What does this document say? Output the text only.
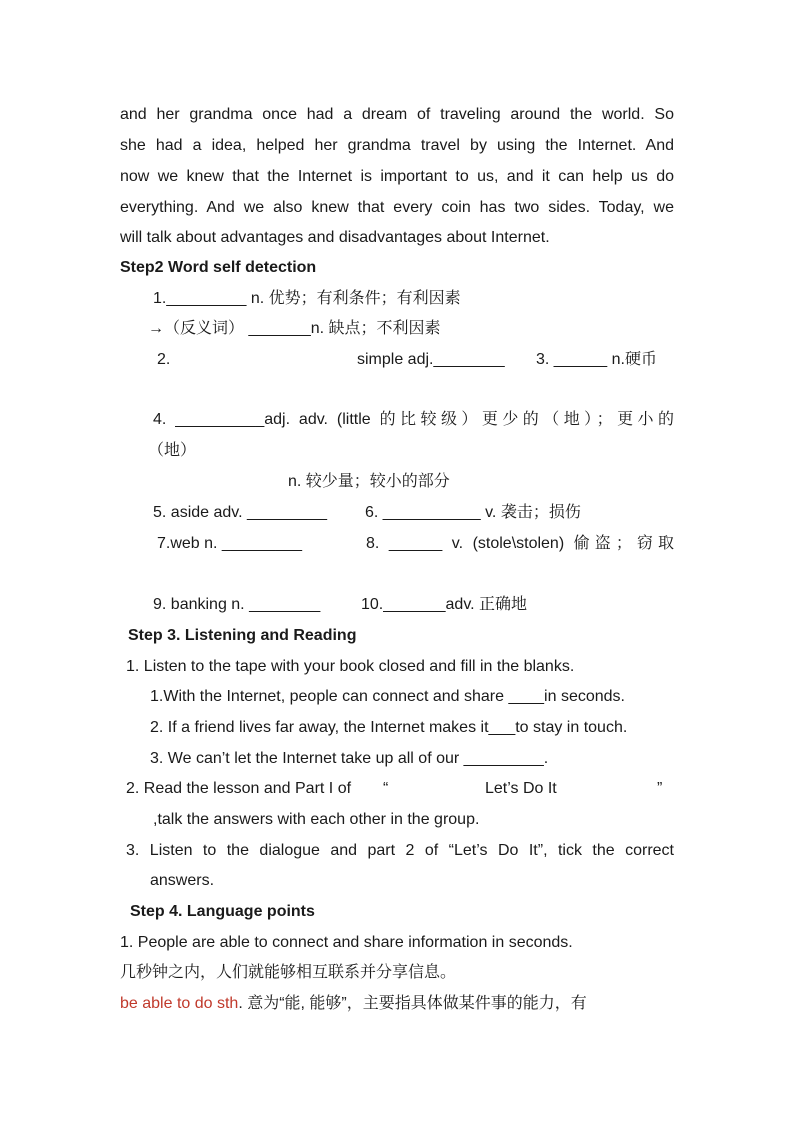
and her grandma once had a dream of traveling around the world. So
she had a idea, helped her grandma travel by using the Internet. And
now we knew that the Internet is important to us, and it can help us do
everything. And we also knew that every coin has two sides. Today, we
will talk about advantages and disadvantages about Internet.
Step2 Word self detection
1._________ n. 优势；有利条件；有利因素
→（反义词） _______n. 缺点；不利因素
2.	simple adj.________ 3. ______ n.硬币
4. __________adj. adv. (little 的比较级）更少的（地）；更小的
（地）
n. 较少量；较小的部分
5. aside adv. _________ 6. ___________ v. 袭击；损伤
7.web n. _________	8. ______ v. (stole\stolen) 偷盗；窃取
9. banking n. ________	10._______adv. 正确地
Step 3. Listening and Reading
1. Listen to the tape with your book closed and fill in the blanks.
1.With the Internet, people can connect and share ____in seconds.
2. If a friend lives far away, the Internet makes it___to stay in touch.
3. We can’t let the Internet take up all of our _________.
2. Read the lesson and Part I of “	Let’s Do It	”
,talk the answers with each other in the group.
3. Listen to the dialogue and part 2 of “Let’s Do It”, tick the correct
answers.
Step 4. Language points
1. People are able to connect and share information in seconds.
几秒钟之内，人们就能够相互联系并分享信息。
be able to do sth. 意为“能, 能够”，主要指具体做某件事的能力，有
